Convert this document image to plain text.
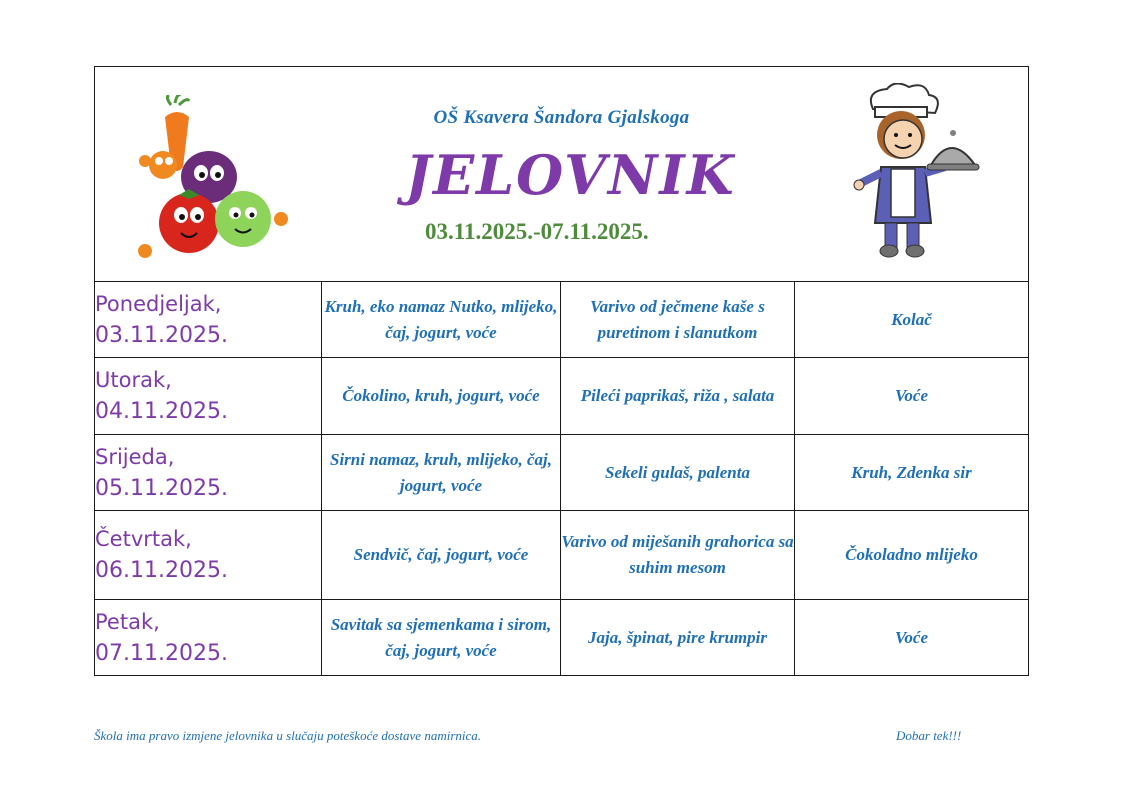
OŠ Ksavera Šandora Gjalskoga
JELOVNIK
03.11.2025.-07.11.2025.			

Ponedjeljak,
03.11.2025.	Kruh, eko namaz Nutko, mlijeko, čaj, jogurt, voće	Varivo od ječmene kaše s puretinom i slanutkom	Kolač

Utorak,
04.11.2025.	Čokolino, kruh, jogurt, voće	Pileći paprikaš, riža , salata	Voće

Srijeda,
05.11.2025.	Sirni namaz, kruh, mlijeko, čaj, jogurt, voće	Sekeli gulaš, palenta	Kruh, Zdenka sir

Četvrtak,
06.11.2025.	Sendvič, čaj, jogurt, voće	Varivo od miješanih grahorica sa suhim mesom	Čokoladno mlijeko

Petak,
07.11.2025.	Savitak sa sjemenkama i sirom, čaj, jogurt, voće	Jaja, špinat, pire krumpir	Voće
Škola ima pravo izmjene jelovnika u slučaju poteškoće dostave namirnica.	Dobar tek!!!
